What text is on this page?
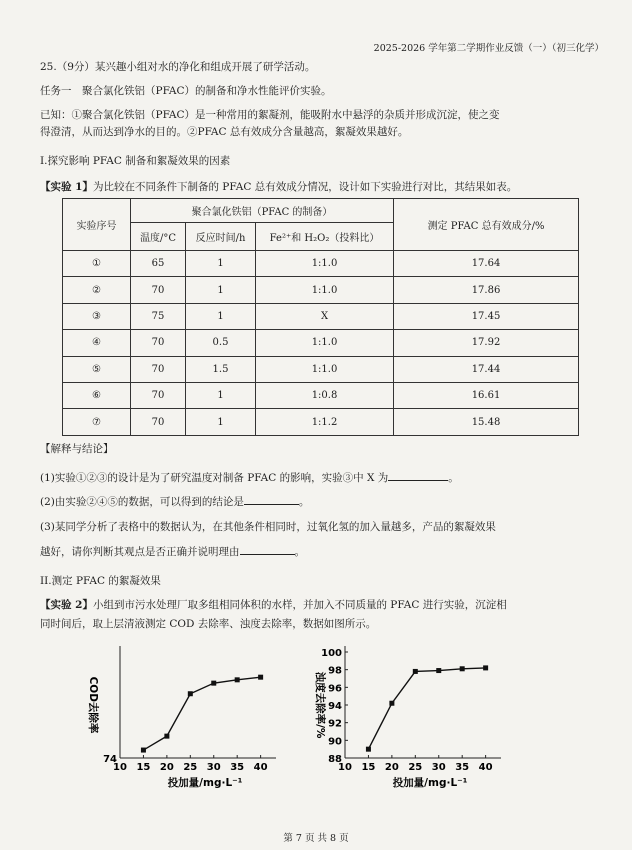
2025-2026 学年第二学期作业反馈（一）（初三化学）
25.（9分）某兴趣小组对水的净化和组成开展了研学活动。
任务一　聚合氯化铁铝（PFAC）的制备和净水性能评价实验。
已知：①聚合氯化铁铝（PFAC）是一种常用的絮凝剂，能吸附水中悬浮的杂质并形成沉淀，使之变
得澄清，从而达到净水的目的。②PFAC 总有效成分含量越高，絮凝效果越好。
I.探究影响 PFAC 制备和絮凝效果的因素
【实验 1】为比较在不同条件下制备的 PFAC 总有效成分情况，设计如下实验进行对比，其结果如表。
实验序号	聚合氯化铁铝（PFAC 的制备）			测定 PFAC 总有效成分/%
	温度/°C	反应时间/h	Fe²⁺和 H₂O₂（投料比）	
①	65	1	1:1.0	17.64
②	70	1	1:1.0	17.86
③	75	1	X	17.45
④	70	0.5	1:1.0	17.92
⑤	70	1.5	1:1.0	17.44
⑥	70	1	1:0.8	16.61
⑦	70	1	1:1.2	15.48
【解释与结论】
(1)实验①②③的设计是为了研究温度对制备 PFAC 的影响，实验③中 X 为	。
(2)由实验②④⑤的数据，可以得到的结论是	。
(3)某同学分析了表格中的数据认为，在其他条件相同时，过氧化氢的加入量越多，产品的絮凝效果
越好，请你判断其观点是否正确并说明理由	。
II.测定 PFAC 的絮凝效果
【实验 2】小组到市污水处理厂取多组相同体积的水样，并加入不同质量的 PFAC 进行实验，沉淀相
同时间后，取上层清液测定 COD 去除率、浊度去除率，数据如图所示。
10 15 20 25 30 35 40
74
投加量/mg·L⁻¹
COD去除率
10 15 20 25 30 35 40
88
90
92
94
96
98
100
投加量/mg·L⁻¹
浊度去除率/%
第 7 页 共 8 页
